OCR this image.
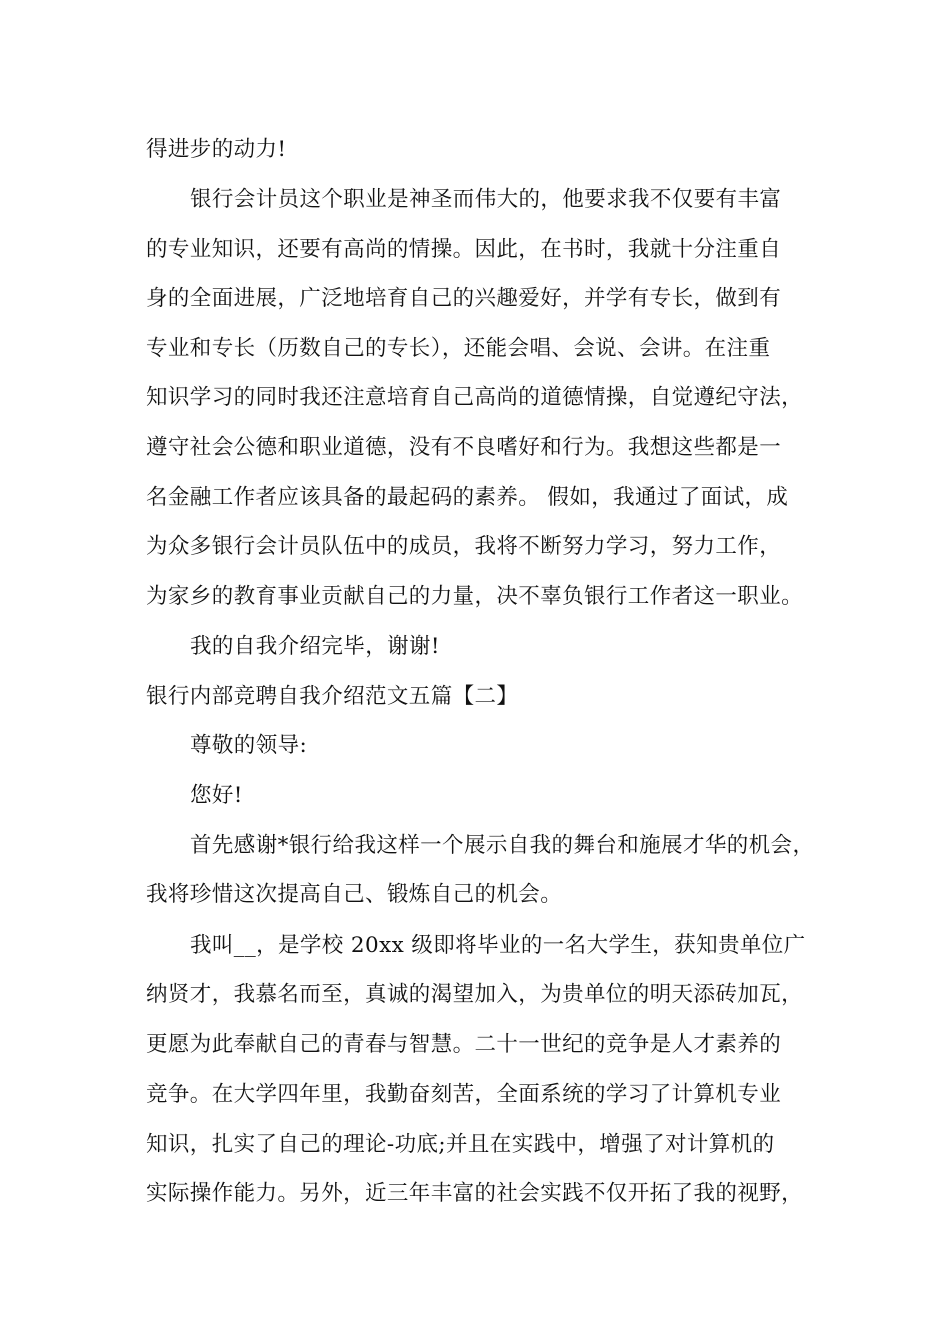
得进步的动力!
银行会计员这个职业是神圣而伟大的，他要求我不仅要有丰富
的专业知识，还要有高尚的情操。因此，在书时，我就十分注重自
身的全面进展，广泛地培育自己的兴趣爱好，并学有专长，做到有
专业和专长（历数自己的专长），还能会唱、会说、会讲。在注重
知识学习的同时我还注意培育自己高尚的道德情操，自觉遵纪守法，
遵守社会公德和职业道德，没有不良嗜好和行为。我想这些都是一
名金融工作者应该具备的最起码的素养。 假如，我通过了面试，成
为众多银行会计员队伍中的成员，我将不断努力学习，努力工作，
为家乡的教育事业贡献自己的力量，决不辜负银行工作者这一职业。
我的自我介绍完毕，谢谢!
银行内部竞聘自我介绍范文五篇【二】
尊敬的领导:
您好!
首先感谢*银行给我这样一个展示自我的舞台和施展才华的机会，
我将珍惜这次提高自己、锻炼自己的机会。
我叫__，是学校 20xx 级即将毕业的一名大学生，获知贵单位广
纳贤才，我慕名而至，真诚的渴望加入，为贵单位的明天添砖加瓦，
更愿为此奉献自己的青春与智慧。二十一世纪的竞争是人才素养的
竞争。在大学四年里，我勤奋刻苦，全面系统的学习了计算机专业
知识，扎实了自己的理论-功底;并且在实践中，增强了对计算机的
实际操作能力。另外，近三年丰富的社会实践不仅开拓了我的视野，
